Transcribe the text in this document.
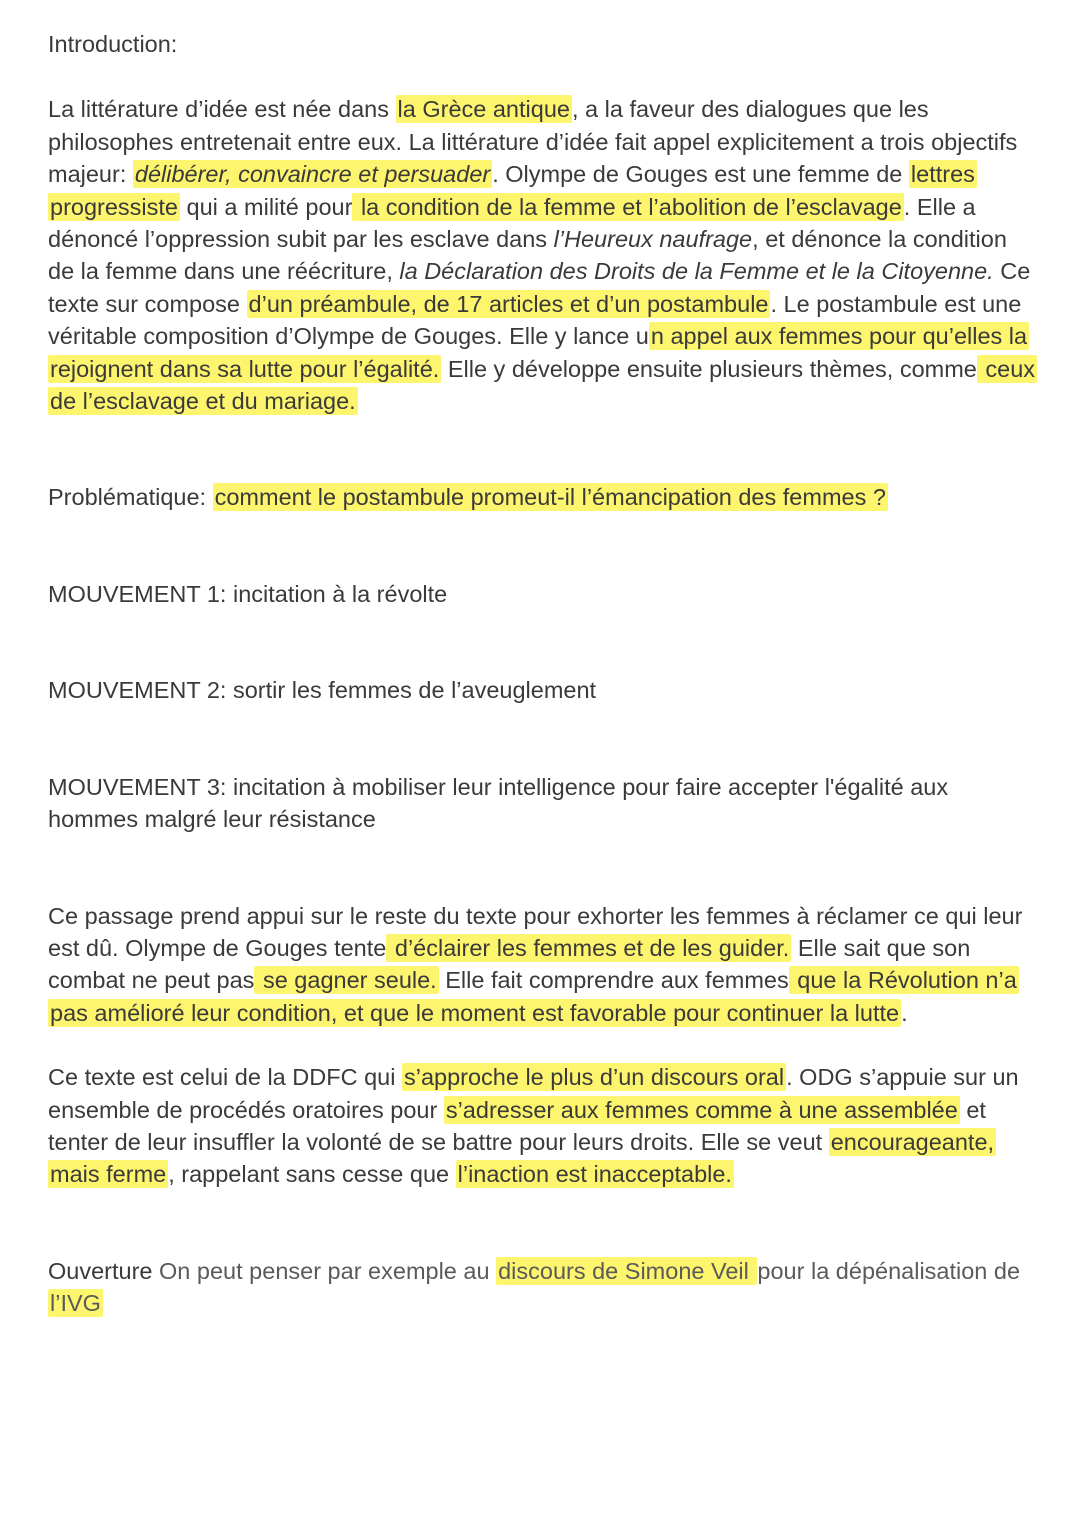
Introduction:

La littérature d’idée est née dans la Grèce antique, a la faveur des dialogues que les philosophes entretenait entre eux. La littérature d’idée fait appel explicitement a trois objectifs majeur: délibérer, convaincre et persuader. Olympe de Gouges est une femme de lettres progressiste qui a milité pour la condition de la femme et l’abolition de l’esclavage. Elle a dénoncé l’oppression subit par les esclave dans l’Heureux naufrage, et dénonce la condition de la femme dans une réécriture, la Déclaration des Droits de la Femme et le la Citoyenne. Ce texte sur compose d’un préambule, de 17 articles et d’un postambule. Le postambule est une véritable composition d’Olympe de Gouges. Elle y lance un appel aux femmes pour qu’elles la rejoignent dans sa lutte pour l’égalité. Elle y développe ensuite plusieurs thèmes, comme ceux de l’esclavage et du mariage.

Problématique: comment le postambule promeut-il l’émancipation des femmes ?

MOUVEMENT 1: incitation à la révolte

MOUVEMENT 2: sortir les femmes de l’aveuglement

MOUVEMENT 3: incitation à mobiliser leur intelligence pour faire accepter l'égalité aux hommes malgré leur résistance

Ce passage prend appui sur le reste du texte pour exhorter les femmes à réclamer ce qui leur est dû. Olympe de Gouges tente d’éclairer les femmes et de les guider. Elle sait que son combat ne peut pas se gagner seule. Elle fait comprendre aux femmes que la Révolution n’a pas amélioré leur condition, et que le moment est favorable pour continuer la lutte.

Ce texte est celui de la DDFC qui s’approche le plus d’un discours oral. ODG s’appuie sur un ensemble de procédés oratoires pour s’adresser aux femmes comme à une assemblée et tenter de leur insuffler la volonté de se battre pour leurs droits. Elle se veut encourageante, mais ferme, rappelant sans cesse que l’inaction est inacceptable.

Ouverture On peut penser par exemple au discours de Simone Veil pour la dépénalisation de l’IVG
